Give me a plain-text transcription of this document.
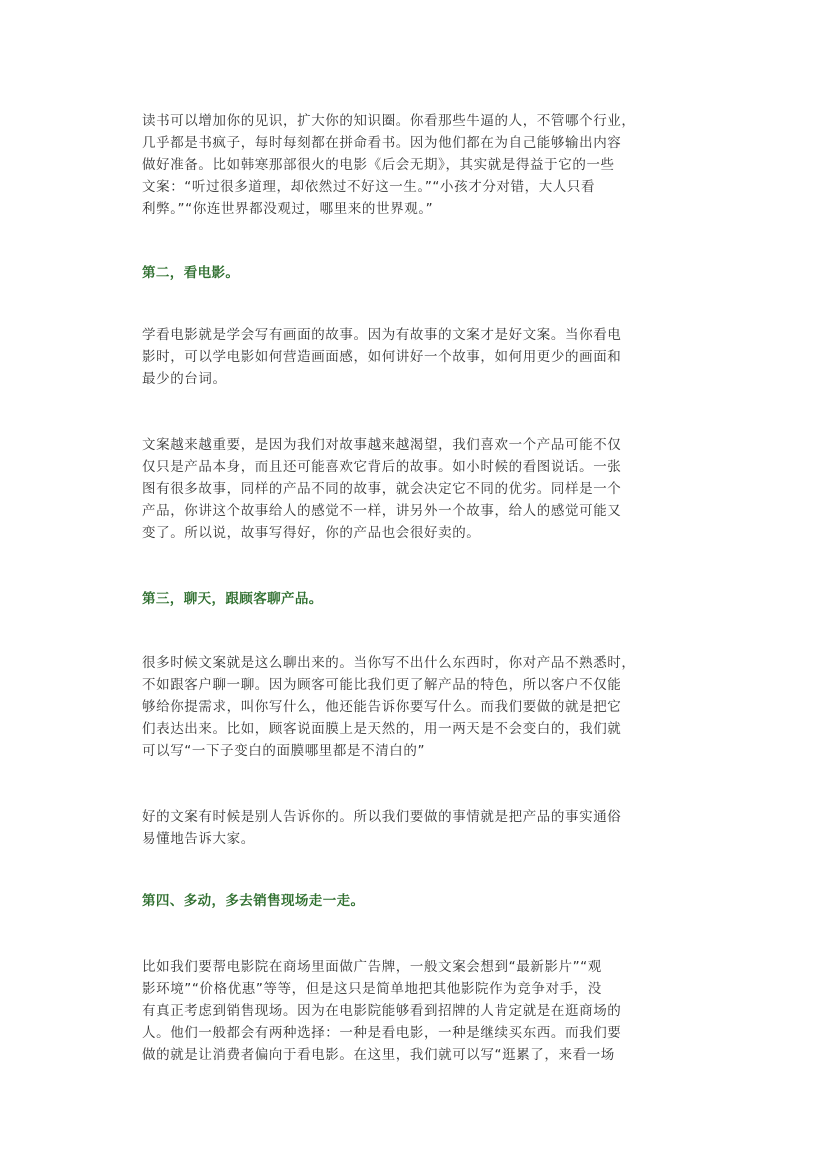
读书可以增加你的见识，扩大你的知识圈。你看那些牛逼的人，不管哪个行业，
几乎都是书疯子，每时每刻都在拼命看书。因为他们都在为自己能够输出内容
做好准备。比如韩寒那部很火的电影《后会无期》，其实就是得益于它的一些
文案：“听过很多道理，却依然过不好这一生。”“小孩才分对错，大人只看
利弊。”“你连世界都没观过，哪里来的世界观。”
第二，看电影。
学看电影就是学会写有画面的故事。因为有故事的文案才是好文案。当你看电
影时，可以学电影如何营造画面感，如何讲好一个故事，如何用更少的画面和
最少的台词。
文案越来越重要，是因为我们对故事越来越渴望，我们喜欢一个产品可能不仅
仅只是产品本身，而且还可能喜欢它背后的故事。如小时候的看图说话。一张
图有很多故事，同样的产品不同的故事，就会决定它不同的优劣。同样是一个
产品，你讲这个故事给人的感觉不一样，讲另外一个故事，给人的感觉可能又
变了。所以说，故事写得好，你的产品也会很好卖的。
第三，聊天，跟顾客聊产品。
很多时候文案就是这么聊出来的。当你写不出什么东西时，你对产品不熟悉时，
不如跟客户聊一聊。因为顾客可能比我们更了解产品的特色，所以客户不仅能
够给你提需求，叫你写什么，他还能告诉你要写什么。而我们要做的就是把它
们表达出来。比如，顾客说面膜上是天然的，用一两天是不会变白的，我们就
可以写“一下子变白的面膜哪里都是不清白的”
好的文案有时候是别人告诉你的。所以我们要做的事情就是把产品的事实通俗
易懂地告诉大家。
第四、多动，多去销售现场走一走。
比如我们要帮电影院在商场里面做广告牌，一般文案会想到“最新影片”“观
影环境”“价格优惠”等等，但是这只是简单地把其他影院作为竞争对手，没
有真正考虑到销售现场。因为在电影院能够看到招牌的人肯定就是在逛商场的
人。他们一般都会有两种选择：一种是看电影，一种是继续买东西。而我们要
做的就是让消费者偏向于看电影。在这里，我们就可以写“逛累了，来看一场
